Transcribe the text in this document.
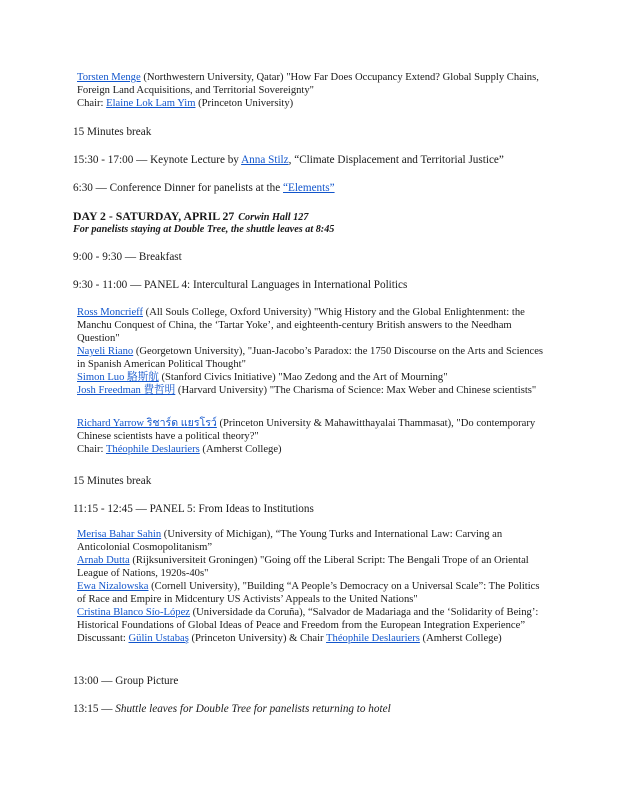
Torsten Menge (Northwestern University, Qatar) "How Far Does Occupancy Extend? Global Supply Chains, Foreign Land Acquisitions, and Territorial Sovereignty"

Chair: Elaine Lok Lam Yim (Princeton University)

15 Minutes break
15:30 - 17:00 — Keynote Lecture by Anna Stilz, “Climate Displacement and Territorial Justice”
6:30 — Conference Dinner for panelists at the “Elements”
DAY 2 - SATURDAY, APRIL 27 Corwin Hall 127
For panelists staying at Double Tree, the shuttle leaves at 8:45
9:00 - 9:30 — Breakfast
9:30 - 11:00 — PANEL 4: Intercultural Languages in International Politics

Ross Moncrieff (All Souls College, Oxford University) "Whig History and the Global Enlightenment: the Manchu Conquest of China, the ‘Tartar Yoke’, and eighteenth-century British answers to the Needham Question"

Nayeli Riano (Georgetown University), "Juan-Jacobo’s Paradox: the 1750 Discourse on the Arts and Sciences in Spanish American Political Thought"

Simon Luo 駱斯航 (Stanford Civics Initiative) "Mao Zedong and the Art of Mourning"

Josh Freedman 費哲明 (Harvard University) "The Charisma of Science: Max Weber and Chinese scientists"

Richard Yarrow ริชาร์ด แยรโรว์ (Princeton University & Mahawitthayalai Thammasat), "Do contemporary Chinese scientists have a political theory?"

Chair: Théophile Deslauriers (Amherst College)

15 Minutes break
11:15 - 12:45 — PANEL 5: From Ideas to Institutions

Merisa Bahar Sahin (University of Michigan), “The Young Turks and International Law: Carving an Anticolonial Cosmopolitanism”

Arnab Dutta (Rijksuniversiteit Groningen) "Going off the Liberal Script: The Bengali Trope of an Oriental League of Nations, 1920s-40s"

Ewa Nizalowska (Cornell University), "Building “A People’s Democracy on a Universal Scale”: The Politics of Race and Empire in Midcentury US Activists’ Appeals to the United Nations"

Cristina Blanco Sío-López (Universidade da Coruña), “Salvador de Madariaga and the ‘Solidarity of Being’: Historical Foundations of Global Ideas of Peace and Freedom from the European Integration Experience”

Discussant: Gülin Ustabaş (Princeton University) & Chair Théophile Deslauriers (Amherst College)

13:00 — Group Picture
13:15 — Shuttle leaves for Double Tree for panelists returning to hotel
